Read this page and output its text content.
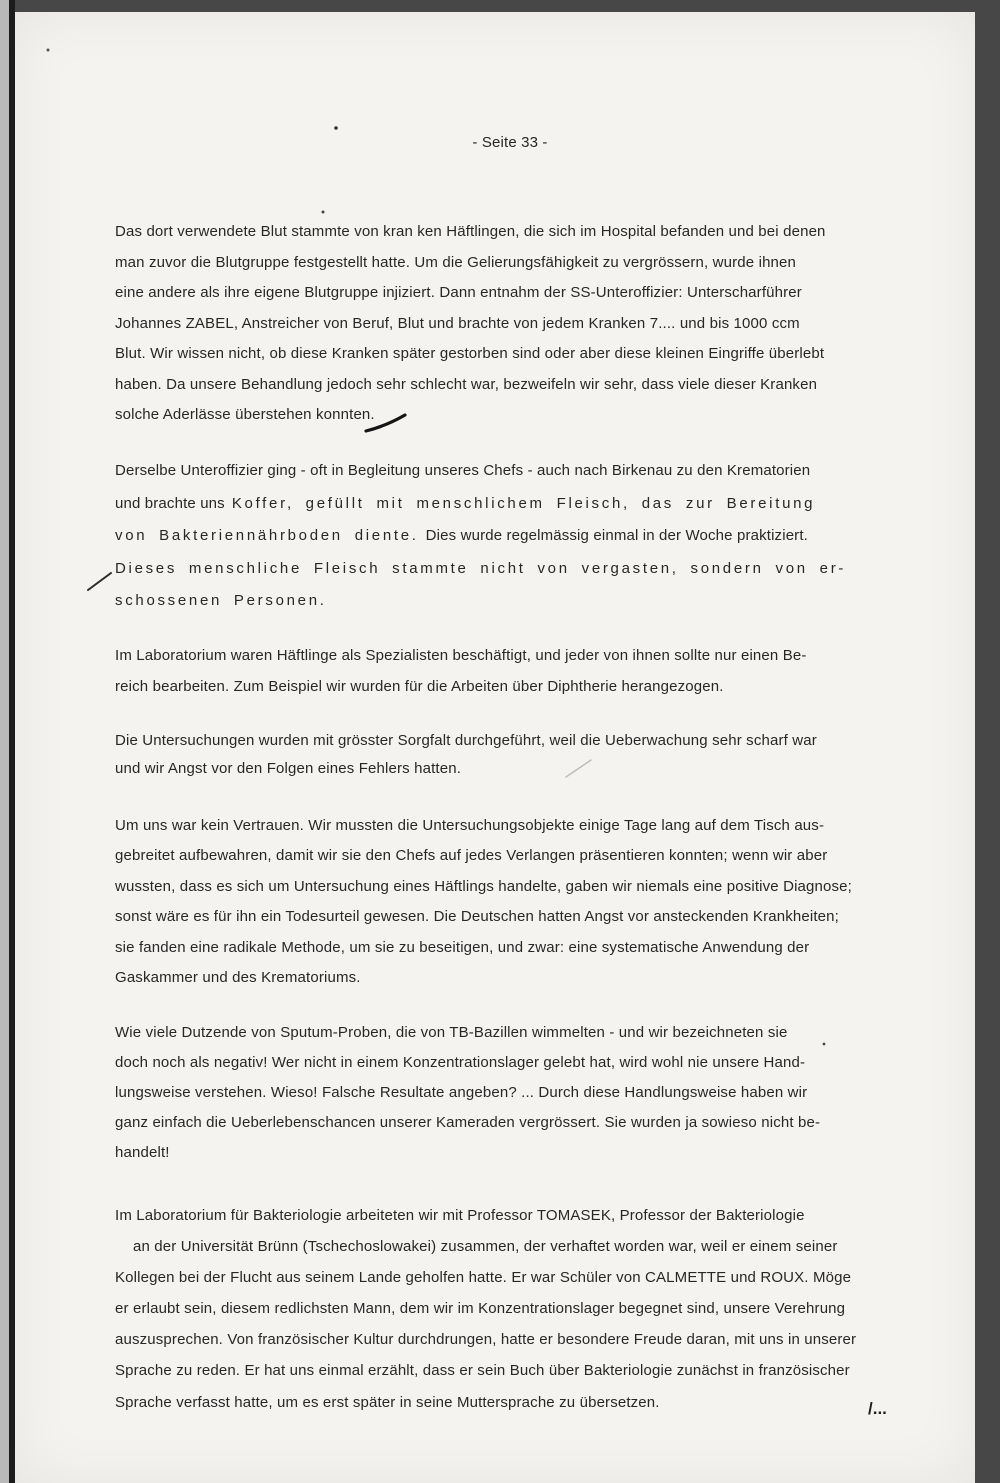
- Seite 33 -
Das dort verwendete Blut stammte von kran ken Häftlingen, die sich im Hospital befanden und bei denen
man zuvor die Blutgruppe festgestellt hatte. Um die Gelierungsfähigkeit zu vergrössern, wurde ihnen
eine andere als ihre eigene Blutgruppe injiziert. Dann entnahm der SS-Unteroffizier: Unterscharführer
Johannes ZABEL, Anstreicher von Beruf, Blut und brachte von jedem Kranken 7.... und bis 1000 ccm
Blut. Wir wissen nicht, ob diese Kranken später gestorben sind oder aber diese kleinen Eingriffe überlebt
haben. Da unsere Behandlung jedoch sehr schlecht war, bezweifeln wir sehr, dass viele dieser Kranken
solche Aderlässe überstehen konnten.
Derselbe Unteroffizier ging - oft in Begleitung unseres Chefs - auch nach Birkenau zu den Krematorien
und brachte uns Koffer, gefüllt mit menschlichem Fleisch, das zur Bereitung
von Bakteriennährboden diente. Dies wurde regelmässig einmal in der Woche praktiziert.
Dieses menschliche Fleisch stammte nicht von vergasten, sondern von er-
schossenen Personen.
Im Laboratorium waren Häftlinge als Spezialisten beschäftigt, und jeder von ihnen sollte nur einen Be-
reich bearbeiten. Zum Beispiel wir wurden für die Arbeiten über Diphtherie herangezogen.
Die Untersuchungen wurden mit grösster Sorgfalt durchgeführt, weil die Ueberwachung sehr scharf war
und wir Angst vor den Folgen eines Fehlers hatten.
Um uns war kein Vertrauen. Wir mussten die Untersuchungsobjekte einige Tage lang auf dem Tisch aus-
gebreitet aufbewahren, damit wir sie den Chefs auf jedes Verlangen präsentieren konnten; wenn wir aber
wussten, dass es sich um Untersuchung eines Häftlings handelte, gaben wir niemals eine positive Diagnose;
sonst wäre es für ihn ein Todesurteil gewesen. Die Deutschen hatten Angst vor ansteckenden Krankheiten;
sie fanden eine radikale Methode, um sie zu beseitigen, und zwar: eine systematische Anwendung der
Gaskammer und des Krematoriums.
Wie viele Dutzende von Sputum-Proben, die von TB-Bazillen wimmelten - und wir bezeichneten sie
doch noch als negativ! Wer nicht in einem Konzentrationslager gelebt hat, wird wohl nie unsere Hand-
lungsweise verstehen. Wieso! Falsche Resultate angeben? ... Durch diese Handlungsweise haben wir
ganz einfach die Ueberlebenschancen unserer Kameraden vergrössert. Sie wurden ja sowieso nicht be-
handelt!
Im Laboratorium für Bakteriologie arbeiteten wir mit Professor TOMASEK, Professor der Bakteriologie
an der Universität Brünn (Tschechoslowakei) zusammen, der verhaftet worden war, weil er einem seiner
Kollegen bei der Flucht aus seinem Lande geholfen hatte. Er war Schüler von CALMETTE und ROUX. Möge
er erlaubt sein, diesem redlichsten Mann, dem wir im Konzentrationslager begegnet sind, unsere Verehrung
auszusprechen. Von französischer Kultur durchdrungen, hatte er besondere Freude daran, mit uns in unserer
Sprache zu reden. Er hat uns einmal erzählt, dass er sein Buch über Bakteriologie zunächst in französischer
Sprache verfasst hatte, um es erst später in seine Muttersprache zu übersetzen.	/...
